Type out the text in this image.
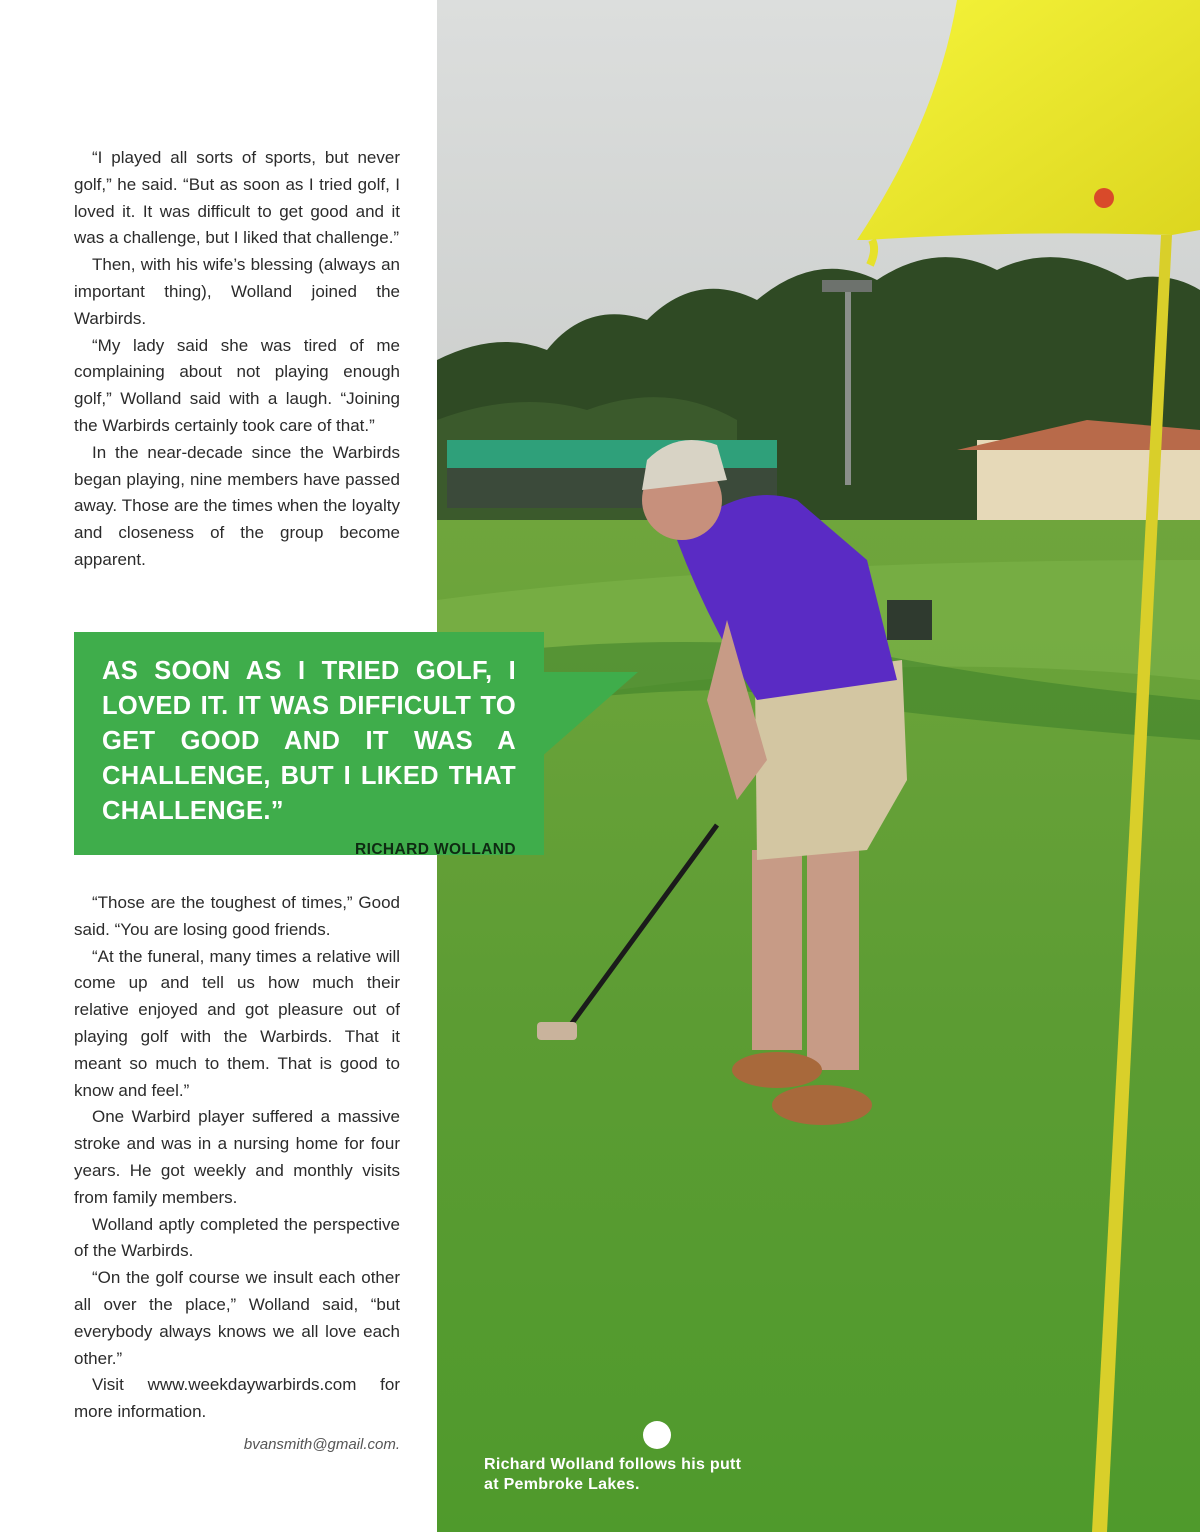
“I played all sorts of sports, but never golf,” he said. “But as soon as I tried golf, I loved it. It was difficult to get good and it was a challenge, but I liked that challenge.”

Then, with his wife’s blessing (always an important thing), Wolland joined the Warbirds.

“My lady said she was tired of me complaining about not playing enough golf,” Wolland said with a laugh. “Joining the Warbirds certainly took care of that.”

In the near-decade since the Warbirds began playing, nine members have passed away. Those are the times when the loyalty and closeness of the group become apparent.

AS SOON AS I TRIED GOLF, I LOVED IT. IT WAS DIFFICULT TO GET GOOD AND IT WAS A CHALLENGE, BUT I LIKED THAT CHALLENGE.”
RICHARD WOLLAND

“Those are the toughest of times,” Good said. “You are losing good friends.

“At the funeral, many times a relative will come up and tell us how much their relative enjoyed and got pleasure out of playing golf with the Warbirds. That it meant so much to them. That is good to know and feel.”

One Warbird player suffered a massive stroke and was in a nursing home for four years. He got weekly and monthly visits from family members.

Wolland aptly completed the perspective of the Warbirds.

“On the golf course we insult each other all over the place,” Wolland said, “but everybody always knows we all love each other.”

Visit www.weekdaywarbirds.com for more information.

bvansmith@gmail.com.

Richard Wolland follows his putt at Pembroke Lakes.
